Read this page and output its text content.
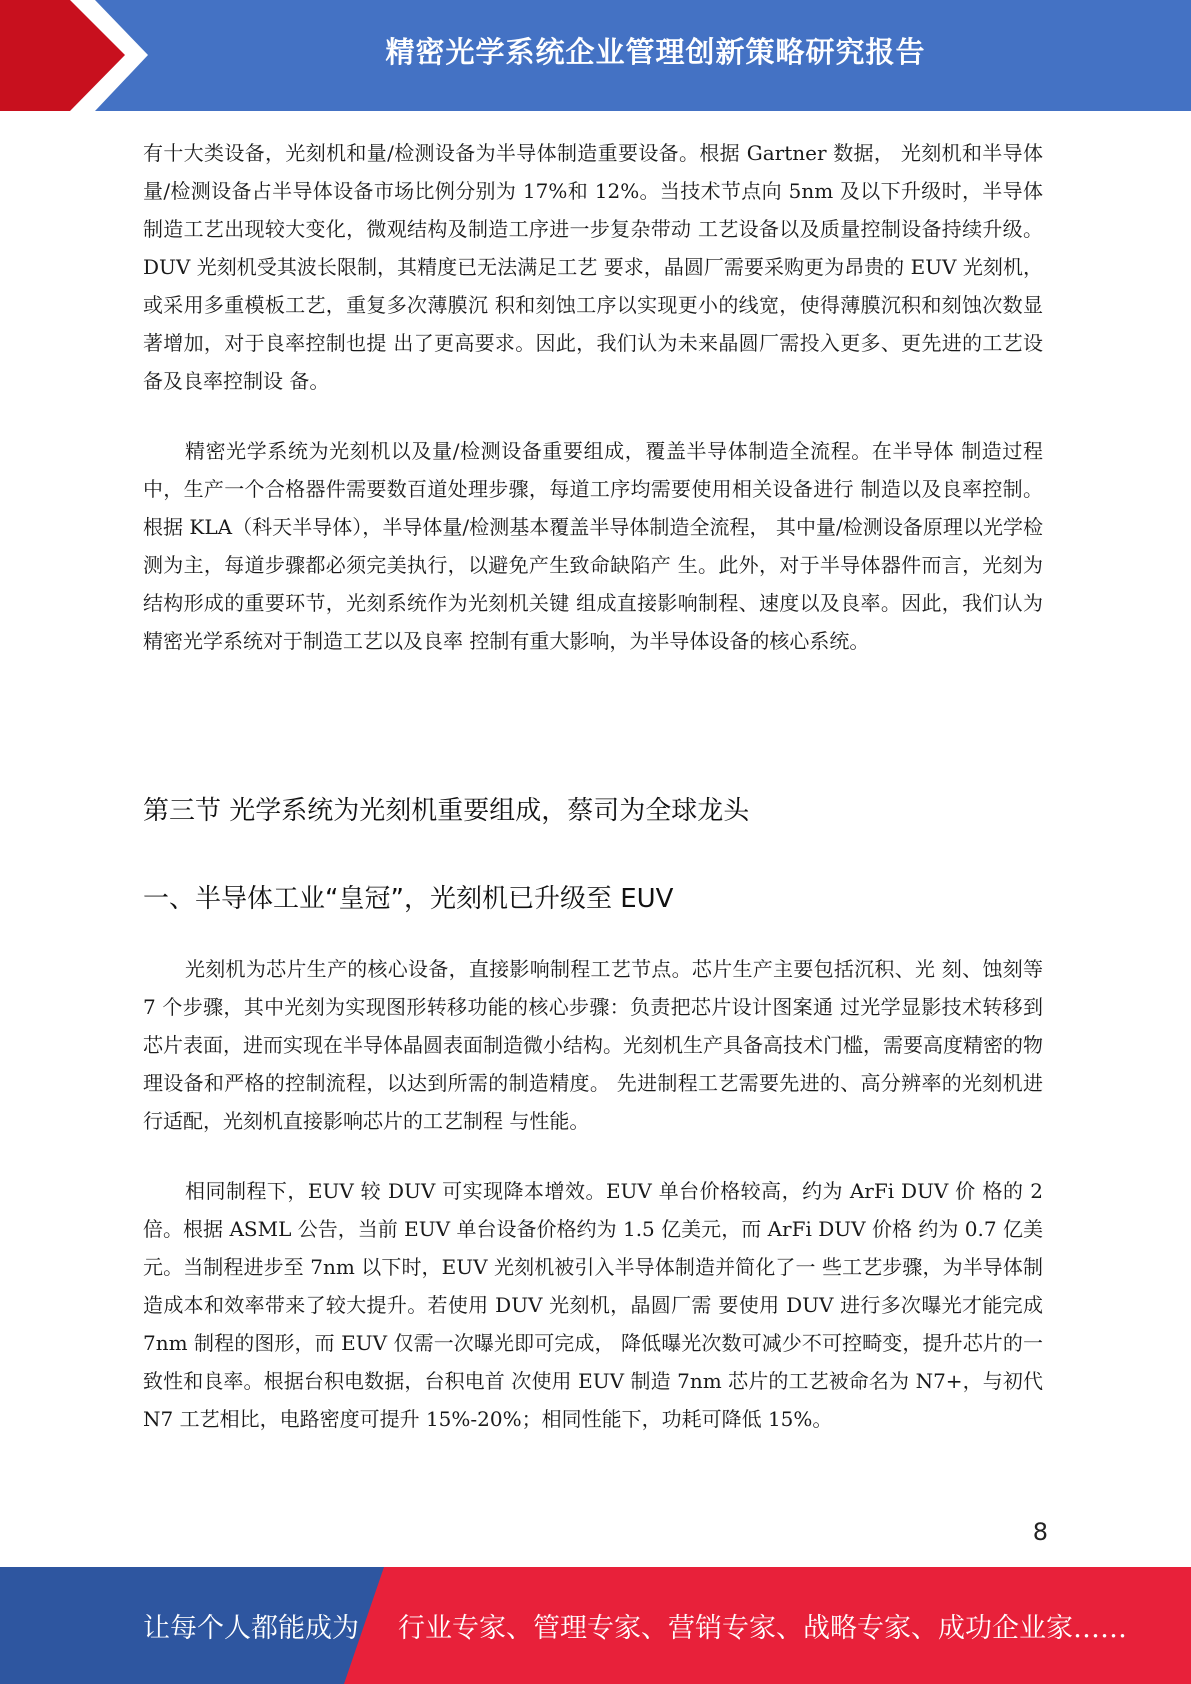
精密光学系统企业管理创新策略研究报告

有十大类设备，光刻机和量/检测设备为半导体制造重要设备。根据 Gartner 数据， 光刻机和半导体量/检测设备占半导体设备市场比例分别为 17%和 12%。当技术节点向 5nm 及以下升级时，半导体制造工艺出现较大变化，微观结构及制造工序进一步复杂带动 工艺设备以及质量控制设备持续升级。DUV 光刻机受其波长限制，其精度已无法满足工艺 要求，晶圆厂需要采购更为昂贵的 EUV 光刻机，或采用多重模板工艺，重复多次薄膜沉 积和刻蚀工序以实现更小的线宽，使得薄膜沉积和刻蚀次数显著增加，对于良率控制也提 出了更高要求。因此，我们认为未来晶圆厂需投入更多、更先进的工艺设备及良率控制设 备。

精密光学系统为光刻机以及量/检测设备重要组成，覆盖半导体制造全流程。在半导体 制造过程中，生产一个合格器件需要数百道处理步骤，每道工序均需要使用相关设备进行 制造以及良率控制。根据 KLA（科天半导体），半导体量/检测基本覆盖半导体制造全流程， 其中量/检测设备原理以光学检测为主，每道步骤都必须完美执行，以避免产生致命缺陷产 生。此外，对于半导体器件而言，光刻为结构形成的重要环节，光刻系统作为光刻机关键 组成直接影响制程、速度以及良率。因此，我们认为精密光学系统对于制造工艺以及良率 控制有重大影响，为半导体设备的核心系统。

第三节 光学系统为光刻机重要组成，蔡司为全球龙头
一、半导体工业“皇冠”，光刻机已升级至 EUV

光刻机为芯片生产的核心设备，直接影响制程工艺节点。芯片生产主要包括沉积、光 刻、蚀刻等 7 个步骤，其中光刻为实现图形转移功能的核心步骤：负责把芯片设计图案通 过光学显影技术转移到芯片表面，进而实现在半导体晶圆表面制造微小结构。光刻机生产具备高技术门槛，需要高度精密的物理设备和严格的控制流程，以达到所需的制造精度。 先进制程工艺需要先进的、高分辨率的光刻机进行适配，光刻机直接影响芯片的工艺制程 与性能。

相同制程下，EUV 较 DUV 可实现降本增效。EUV 单台价格较高，约为 ArFi DUV 价 格的 2 倍。根据 ASML 公告，当前 EUV 单台设备价格约为 1.5 亿美元，而 ArFi DUV 价格 约为 0.7 亿美元。当制程进步至 7nm 以下时，EUV 光刻机被引入半导体制造并简化了一 些工艺步骤，为半导体制造成本和效率带来了较大提升。若使用 DUV 光刻机，晶圆厂需 要使用 DUV 进行多次曝光才能完成 7nm 制程的图形，而 EUV 仅需一次曝光即可完成， 降低曝光次数可减少不可控畸变，提升芯片的一致性和良率。根据台积电数据，台积电首 次使用 EUV 制造 7nm 芯片的工艺被命名为 N7+，与初代 N7 工艺相比，电路密度可提升 15%-20%；相同性能下，功耗可降低 15%。

8
让每个人都能成为 行业专家、管理专家、营销专家、战略专家、成功企业家……
